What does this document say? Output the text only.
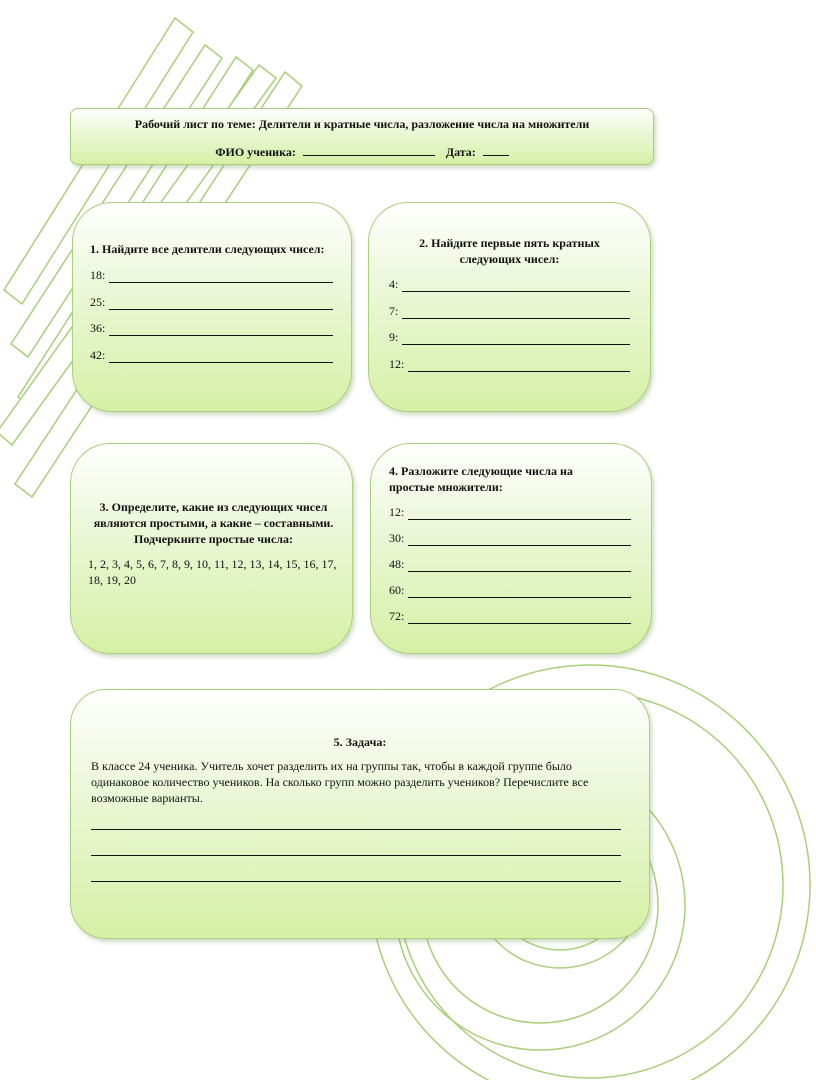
Рабочий лист по теме: Делители и кратные числа, разложение числа на множители
ФИО ученика:	Дата:
1. Найдите все делители следующих чисел:
18:
25:
36:
42:
2. Найдите первые пять кратных следующих чисел:
4:
7:
9:
12:
3. Определите, какие из следующих чисел являются простыми, а какие – составными. Подчеркните простые числа:
1, 2, 3, 4, 5, 6, 7, 8, 9, 10, 11, 12, 13, 14, 15, 16, 17, 18, 19, 20
4. Разложите следующие числа на простые множители:
12:
30:
48:
60:
72:
5. Задача:
В классе 24 ученика. Учитель хочет разделить их на группы так, чтобы в каждой группе было одинаковое количество учеников. На сколько групп можно разделить учеников? Перечислите все возможные варианты.
